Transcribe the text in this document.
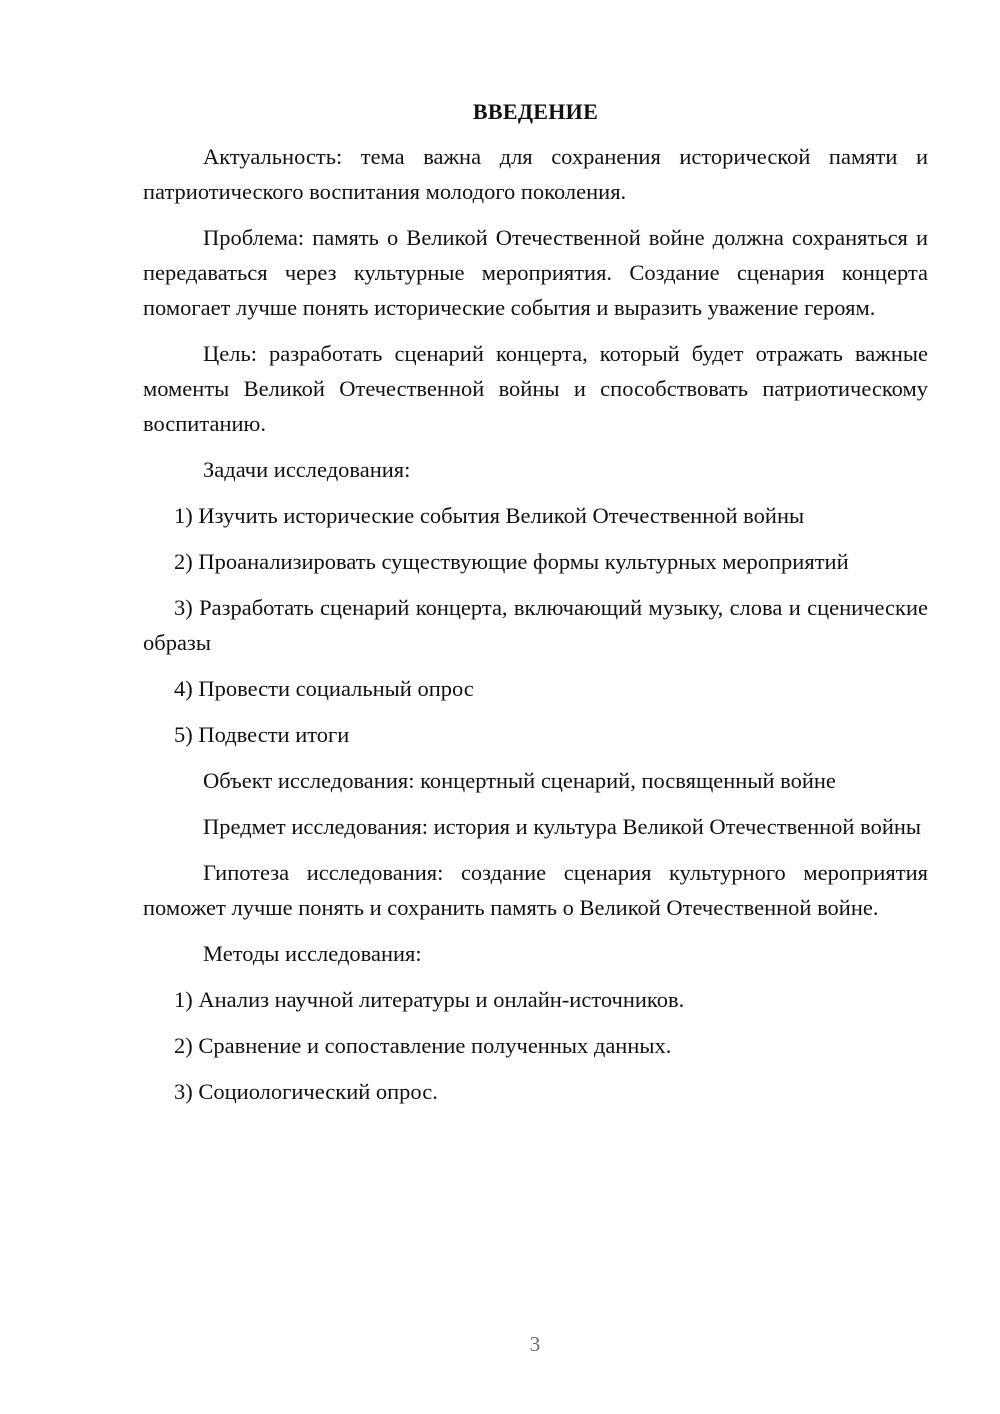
ВВЕДЕНИЕ

Актуальность: тема важна для сохранения исторической памяти и патриотического воспитания молодого поколения.

Проблема: память о Великой Отечественной войне должна сохраняться и передаваться через культурные мероприятия. Создание сценария концерта помогает лучше понять исторические события и выразить уважение героям.

Цель: разработать сценарий концерта, который будет отражать важные моменты Великой Отечественной войны и способствовать патриотическому воспитанию.

Задачи исследования:

1) Изучить исторические события Великой Отечественной войны

2) Проанализировать существующие формы культурных мероприятий

3) Разработать сценарий концерта, включающий музыку, слова и сценические образы

4) Провести социальный опрос

5) Подвести итоги

Объект исследования: концертный сценарий, посвященный войне

Предмет исследования: история и культура Великой Отечественной войны

Гипотеза исследования: создание сценария культурного мероприятия поможет лучше понять и сохранить память о Великой Отечественной войне.

Методы исследования:

1) Анализ научной литературы и онлайн-источников.

2) Сравнение и сопоставление полученных данных.

3) Социологический опрос.

3
